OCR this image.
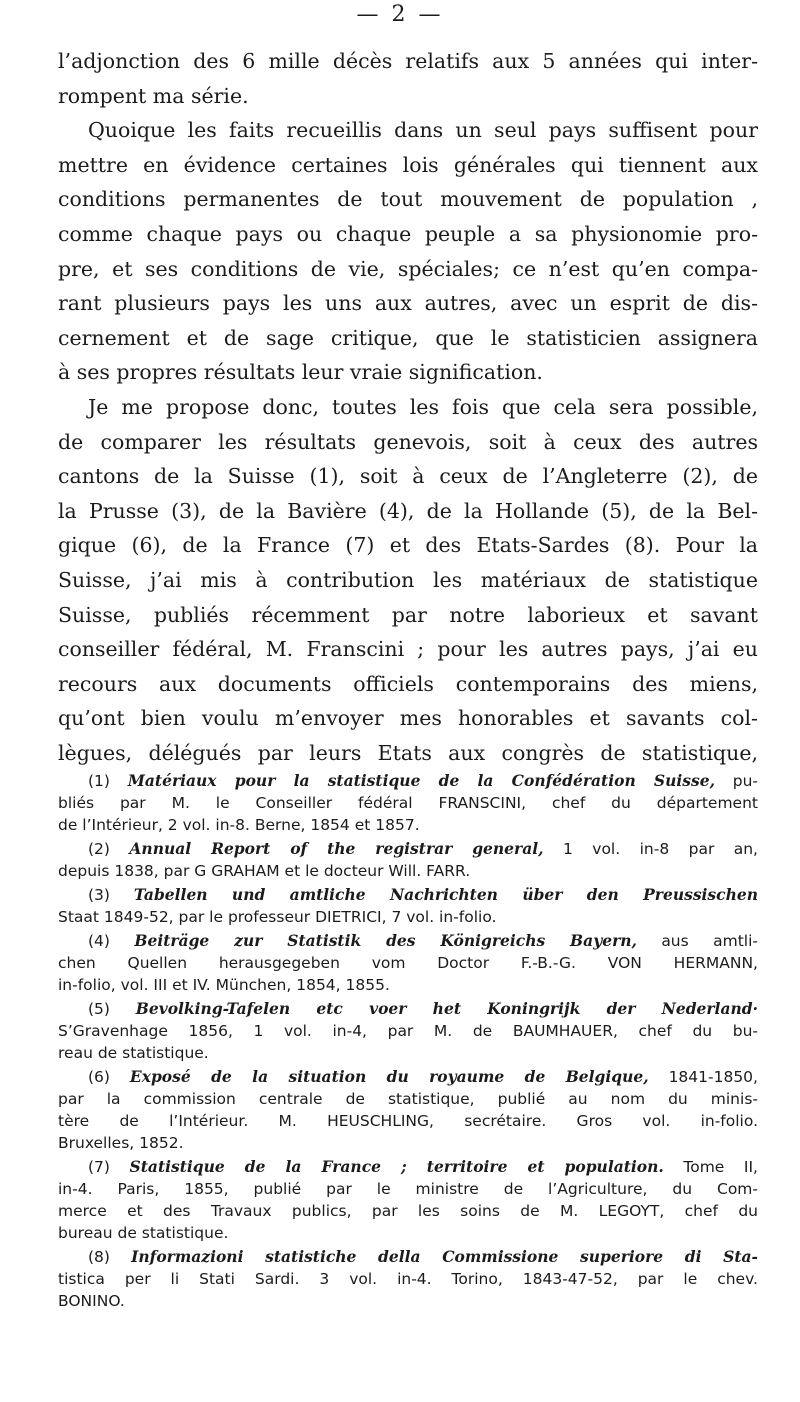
— 2 —
l’adjonction des 6 mille décès relatifs aux 5 années qui inter-
rompent ma série.
Quoique les faits recueillis dans un seul pays suffisent pour
mettre en évidence certaines lois générales qui tiennent aux
conditions permanentes de tout mouvement de population ,
comme chaque pays ou chaque peuple a sa physionomie pro-
pre, et ses conditions de vie, spéciales; ce n’est qu’en compa-
rant plusieurs pays les uns aux autres, avec un esprit de dis-
cernement et de sage critique, que le statisticien assignera
à ses propres résultats leur vraie signification.
Je me propose donc, toutes les fois que cela sera possible,
de comparer les résultats genevois, soit à ceux des autres
cantons de la Suisse (1), soit à ceux de l’Angleterre (2), de
la Prusse (3), de la Bavière (4), de la Hollande (5), de la Bel-
gique (6), de la France (7) et des Etats-Sardes (8). Pour la
Suisse, j’ai mis à contribution les matériaux de statistique
Suisse, publiés récemment par notre laborieux et savant
conseiller fédéral, M. Franscini ; pour les autres pays, j’ai eu
recours aux documents officiels contemporains des miens,
qu’ont bien voulu m’envoyer mes honorables et savants col-
lègues, délégués par leurs Etats aux congrès de statistique,
(1) Matériaux pour la statistique de la Confédération Suisse, pu-
bliés par M. le Conseiller fédéral FRANSCINI, chef du département
de l’Intérieur, 2 vol. in-8. Berne, 1854 et 1857.
(2) Annual Report of the registrar general, 1 vol. in-8 par an,
depuis 1838, par G GRAHAM et le docteur Will. FARR.
(3) Tabellen und amtliche Nachrichten über den Preussischen
Staat 1849-52, par le professeur DIETRICI, 7 vol. in-folio.
(4) Beiträge zur Statistik des Königreichs Bayern, aus amtli-
chen Quellen herausgegeben vom Doctor F.-B.-G. VON HERMANN,
in-folio, vol. III et IV. München, 1854, 1855.
(5) Bevolking-Tafelen etc voer het Koningrijk der Nederland·
S’Gravenhage 1856, 1 vol. in-4, par M. de BAUMHAUER, chef du bu-
reau de statistique.
(6) Exposé de la situation du royaume de Belgique, 1841-1850,
par la commission centrale de statistique, publié au nom du minis-
tère de l’Intérieur. M. HEUSCHLING, secrétaire. Gros vol. in-folio.
Bruxelles, 1852.
(7) Statistique de la France ; territoire et population. Tome II,
in-4. Paris, 1855, publié par le ministre de l’Agriculture, du Com-
merce et des Travaux publics, par les soins de M. LEGOYT, chef du
bureau de statistique.
(8) Informazioni statistiche della Commissione superiore di Sta-
tistica per li Stati Sardi. 3 vol. in-4. Torino, 1843-47-52, par le chev.
BONINO.
